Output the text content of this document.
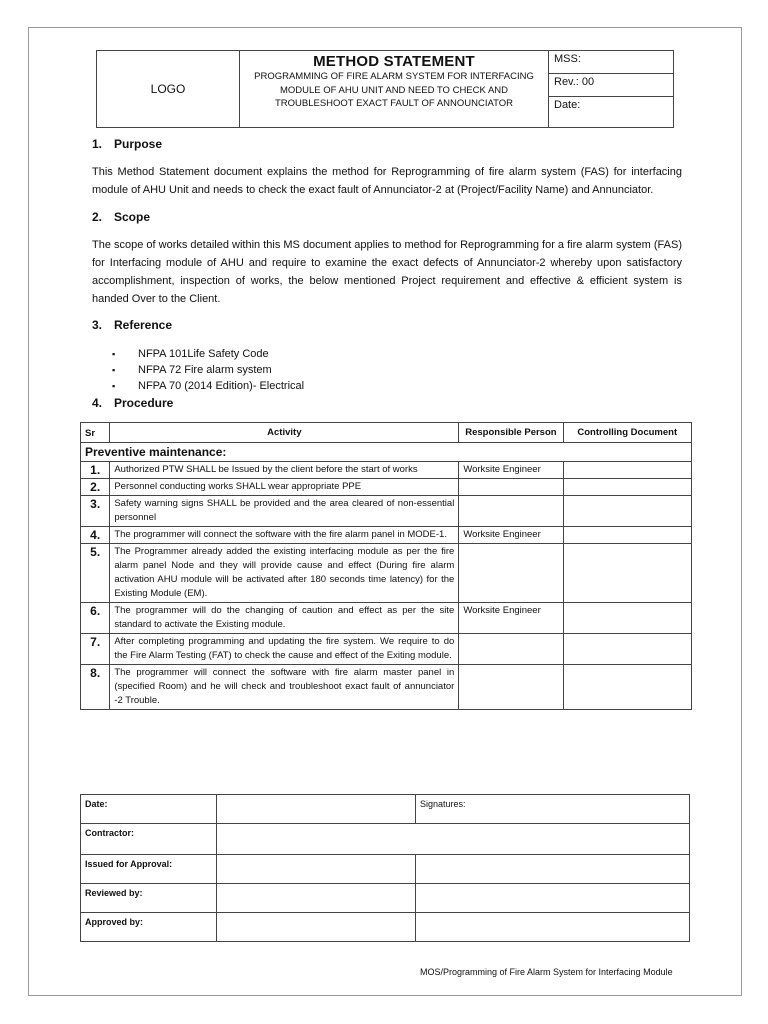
LOGO	
METHOD STATEMENT
PROGRAMMING OF FIRE ALARM SYSTEM FOR INTERFACING
MODULE OF AHU UNIT AND NEED TO CHECK AND
TROUBLESHOOT EXACT FAULT OF ANNOUNCIATOR
	MSS:
Rev.: 00
Date:
1. Purpose
This Method Statement document explains the method for Reprogramming of fire alarm system (FAS) for interfacing module of AHU Unit and needs to check the exact fault of Annunciator-2 at (Project/Facility Name) and Annunciator.
2. Scope
The scope of works detailed within this MS document applies to method for Reprogramming for a fire alarm system (FAS) for Interfacing module of AHU and require to examine the exact defects of Annunciator-2 whereby upon satisfactory accomplishment, inspection of works, the below mentioned Project requirement and effective & efficient system is handed Over to the Client.
3. Reference
▪ NFPA 101Life Safety Code
▪ NFPA 72 Fire alarm system
▪ NFPA 70 (2014 Edition)- Electrical
4. Procedure
Sr	Activity	Responsible Person	Controlling Document
Preventive maintenance:			
1.	Authorized PTW SHALL be Issued by the client before the start of works	Worksite Engineer	
2.	Personnel conducting works SHALL wear appropriate PPE		
3.	Safety warning signs SHALL be provided and the area cleared of non-essential personnel		
4.	The programmer will connect the software with the fire alarm panel in MODE-1.	Worksite Engineer	
5.	The Programmer already added the existing interfacing module as per the fire alarm panel Node and they will provide cause and effect (During fire alarm activation AHU module will be activated after 180 seconds time latency) for the Existing Module (EM).		
6.	The programmer will do the changing of caution and effect as per the site standard to activate the Existing module.	Worksite Engineer	
7.	After completing programming and updating the fire system. We require to do the Fire Alarm Testing (FAT) to check the cause and effect of the Exiting module.		
8.	The programmer will connect the software with fire alarm master panel in (specified Room) and he will check and troubleshoot exact fault of annunciator -2 Trouble.		
Date:		Signatures:
Contractor:		
Issued for Approval:		
Reviewed by:		
Approved by:		
MOS/Programming of Fire Alarm System for Interfacing Module
